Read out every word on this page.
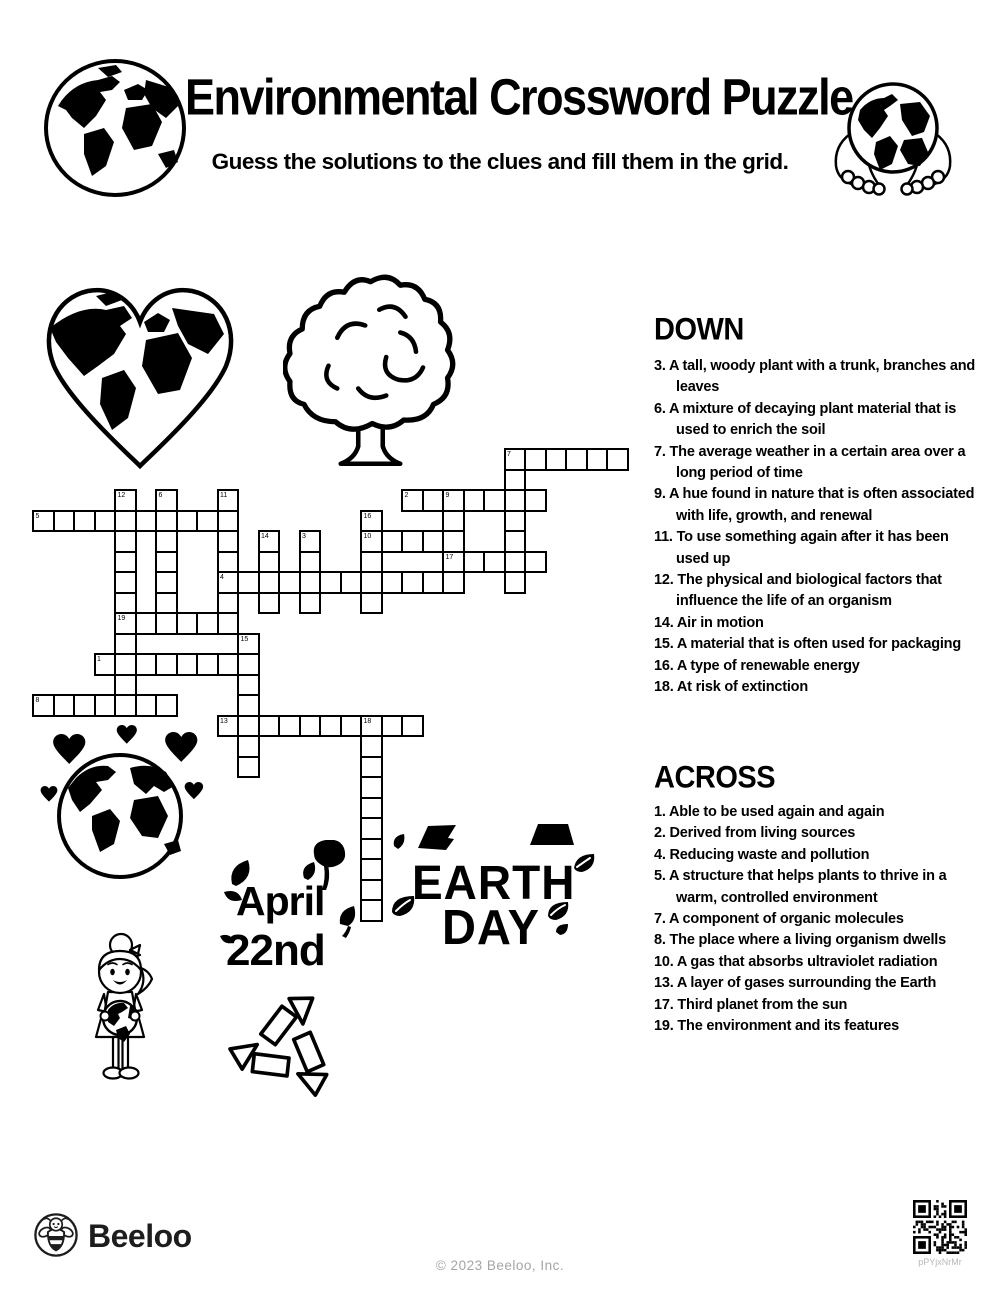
Environmental Crossword Puzzle
Guess the solutions to the clues and fill them in the grid.
April
22nd
EARTH
DAY
1
2	9
3
4
5
6
7
8
17
10
11
12
19
13	18
14
15
16
DOWN
3. A tall, woody plant with a trunk, branches and leaves
6. A mixture of decaying plant material that is used to enrich the soil
7. The average weather in a certain area over a long period of time
9. A hue found in nature that is often associated with life, growth, and renewal
11. To use something again after it has been used up
12. The physical and biological factors that influence the life of an organism
14. Air in motion
15. A material that is often used for packaging
16. A type of renewable energy
18. At risk of extinction
ACROSS
1. Able to be used again and again
2. Derived from living sources
4. Reducing waste and pollution
5. A structure that helps plants to thrive in a warm, controlled environment
7. A component of organic molecules
8. The place where a living organism dwells
10. A gas that absorbs ultraviolet radiation
13. A layer of gases surrounding the Earth
17. Third planet from the sun
19. The environment and its features
Beeloo
© 2023 Beeloo, Inc.	pPYjxNrMr
